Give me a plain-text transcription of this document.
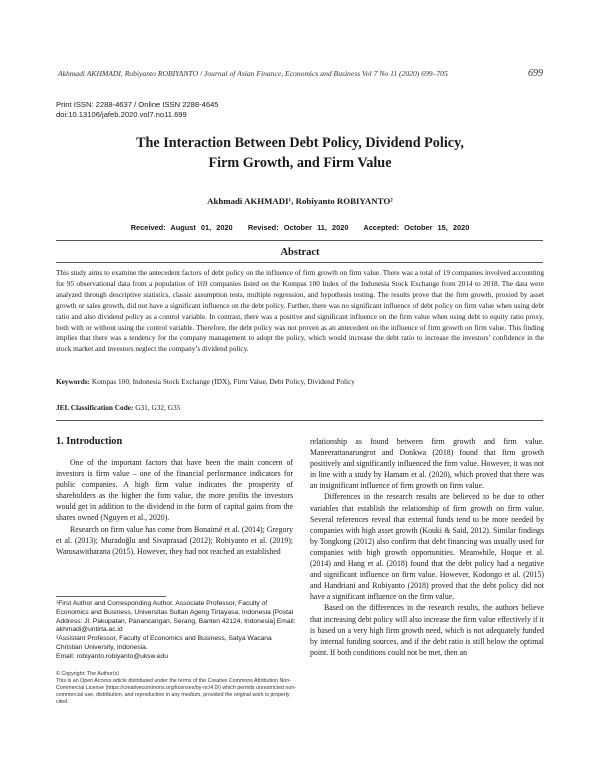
Akhmadi AKHMADI, Robiyanto ROBIYANTO / Journal of Asian Finance, Economics and Business Vol 7 No 11 (2020) 699–705	699
Print ISSN: 2288-4637 / Online ISSN 2288-4645
doi:10.13106/jafeb.2020.vol7.no11.699
The Interaction Between Debt Policy, Dividend Policy,
Firm Growth, and Firm Value
Akhmadi AKHMADI¹, Robiyanto ROBIYANTO²
Received: August 01, 2020 Revised: October 11, 2020 Accepted: October 15, 2020
Abstract
This study aims to examine the antecedent factors of debt policy on the influence of firm growth on firm value. There was a total of 19 companies involved accounting for 95 observational data from a population of 169 companies listed on the Kompas 100 Index of the Indonesia Stock Exchange from 2014 to 2018. The data were analyzed through descriptive statistics, classic assumption tests, multiple regression, and hypothesis testing. The results prove that the firm growth, proxied by asset growth or sales growth, did not have a significant influence on the debt policy. Further, there was no significant influence of debt policy on firm value when using debt ratio and also dividend policy as a control variable. In contrast, there was a positive and significant influence on the firm value when using debt to equity ratio proxy, both with or without using the control variable. Therefore, the debt policy was not proven as an antecedent on the influence of firm growth on firm value. This finding implies that there was a tendency for the company management to adopt the policy, which would increase the debt ratio to increase the investors’ confidence in the stock market and investors neglect the company’s dividend policy.
Keywords: Kompas 100, Indonesia Stock Exchange (IDX), Firm Value, Debt Policy, Dividend Policy
JEL Classification Code: G31, G32, G35
1. Introduction

One of the important factors that have been the main concern of investors is firm value – one of the financial performance indicators for public companies. A high firm value indicates the prosperity of shareholders as the higher the firm value, the more profits the investors would get in addition to the dividend in the form of capital gains from the shares owned (Nguyen et al., 2020).

Research on firm value has come from Bonaimé et al. (2014); Gregory et al. (2013); Muradoğlu and Sivaprasad (2012); Robiyanto et al. (2019); Warusawitharana (2015). However, they had not reached an established

relationship as found between firm growth and firm value. Maneerattanarungrot and Donkwa (2018) found that firm growth positively and significantly influenced the firm value. However, it was not in line with a study by Hamam et al. (2020), which proved that there was an insignificant influence of firm growth on firm value.

Differences in the research results are believed to be due to other variables that establish the relationship of firm growth on firm value. Several references reveal that external funds tend to be more needed by companies with high asset growth (Kouki & Said, 2012). Similar findings by Tongkong (2012) also confirm that debt financing was usually used for companies with high growth opportunities. Meanwhile, Hoque et al. (2014) and Hang et al. (2018) found that the debt policy had a negative and significant influence on firm value. However, Kodongo et al. (2015) and Handriani and Robiyanto (2018) proved that the debt policy did not have a significant influence on the firm value.

Based on the differences in the research results, the authors believe that increasing debt policy will also increase the firm value effectively if it is based on a very high firm growth need, which is not adequately funded by internal funding sources, and if the debt ratio is still below the optimal point. If both conditions could not be met, then an

¹First Author and Corresponding Author. Associate Professor, Faculty of Economics and Business, Universitas Sultan Ageng Tirtayasa, Indonesia [Postal Address: Jl. Pakupatan, Panancangan, Serang, Banten 42124, Indonesia] Email: akhmadi@untirta.ac.id

²Assistant Professor, Faculty of Economics and Business, Satya Wacana Christian University, Indonesia.

Email: robiyanto.robiyanto@uksw.edu

© Copyright: The Author(s)

This is an Open Access article distributed under the terms of the Creative Commons Attribution Non-Commercial License (https://creativecommons.org/licenses/by-nc/4.0/) which permits unrestricted non-commercial use, distribution, and reproduction in any medium, provided the original work is properly cited.
